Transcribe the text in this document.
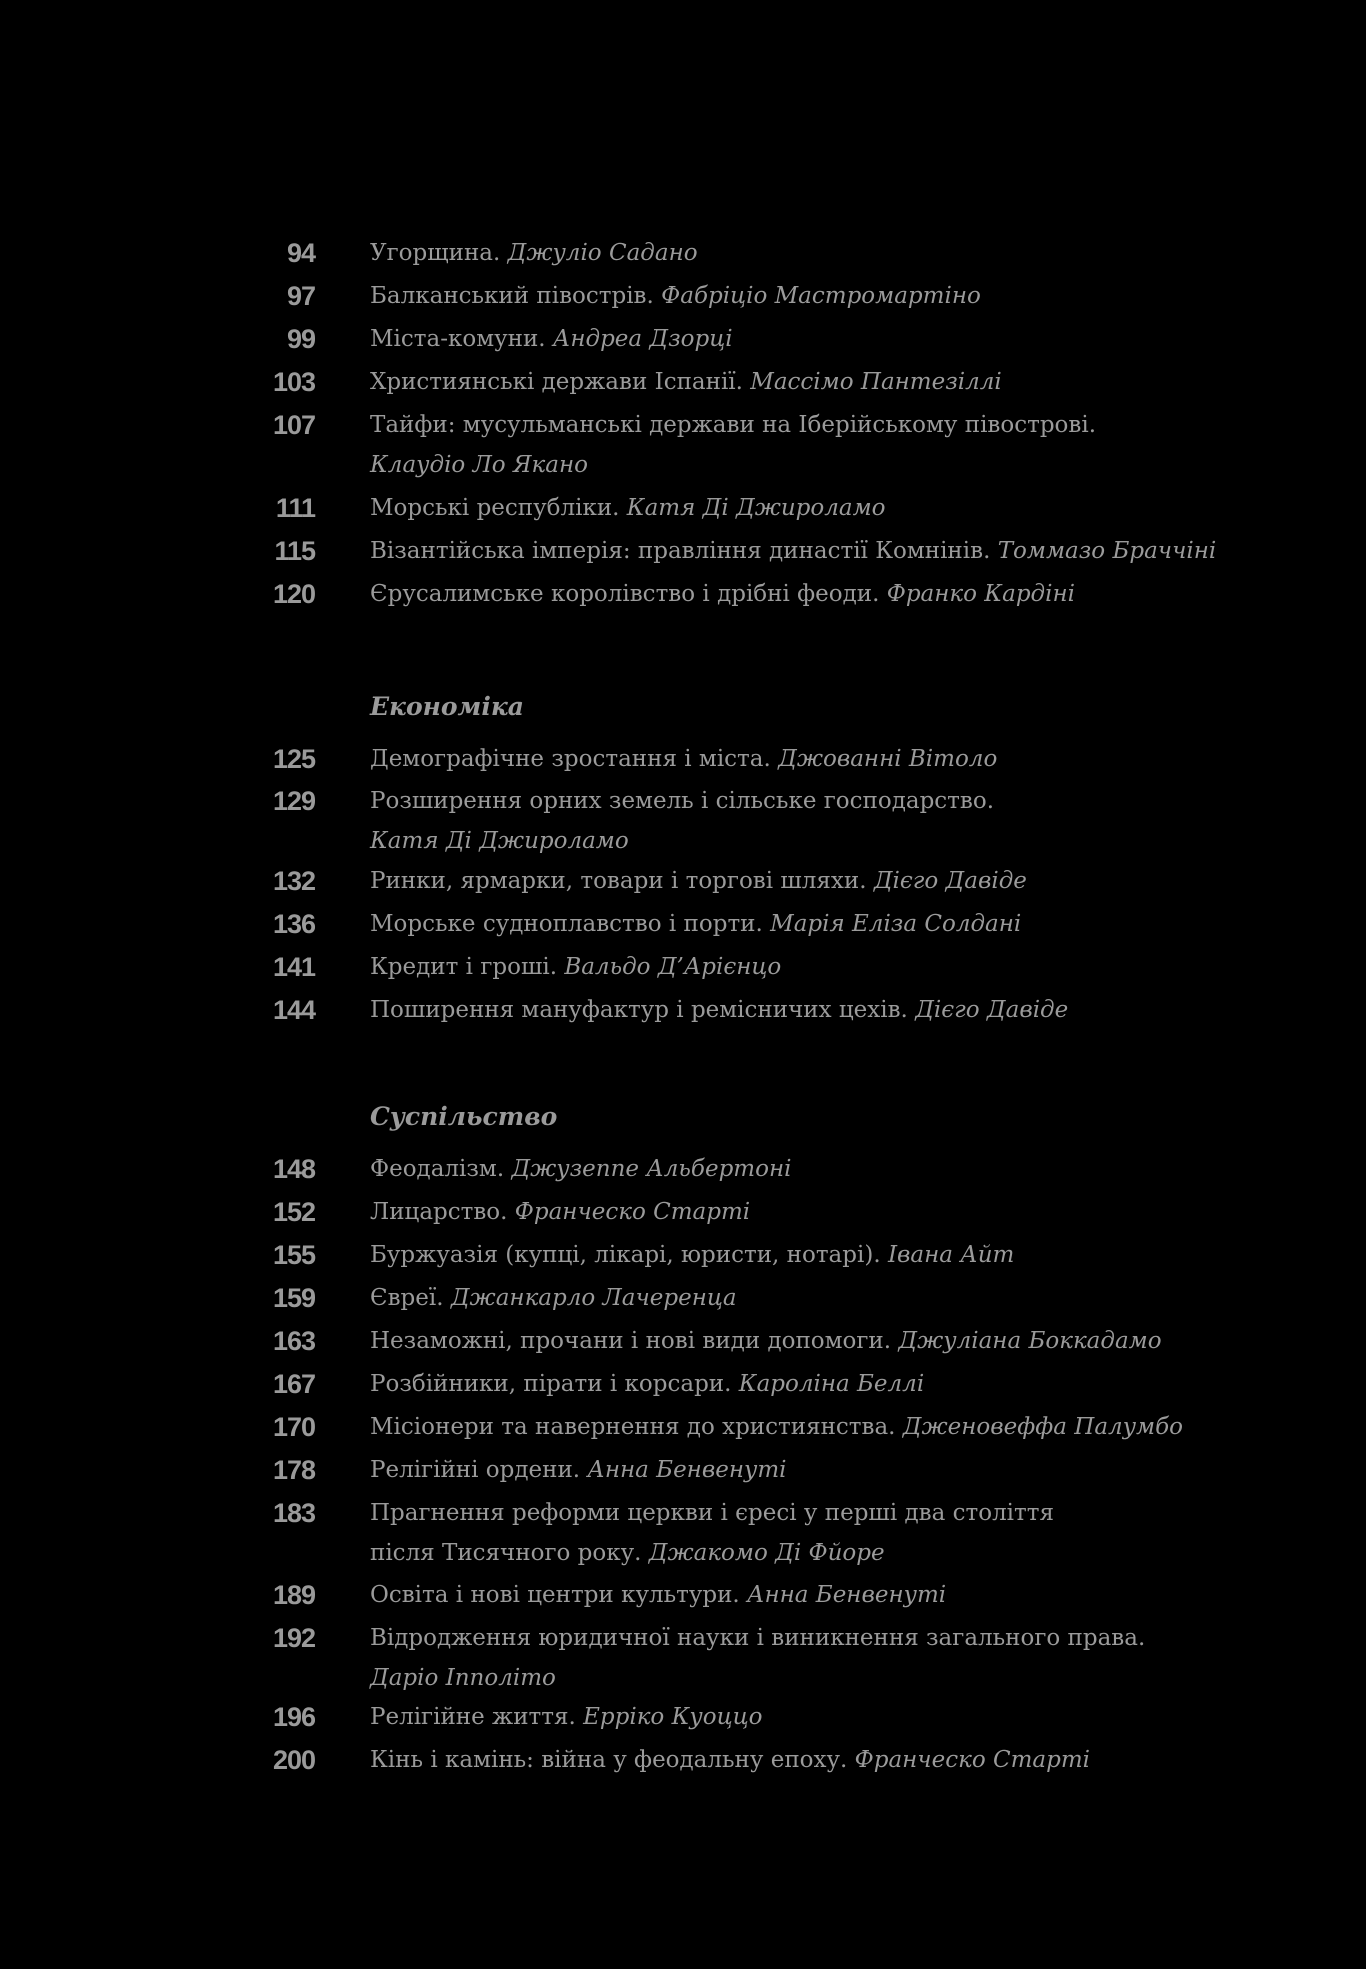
94 Угорщина. Джуліо Садано
97 Балканський півострів. Фабріціо Мастромартіно
99 Міста-комуни. Андреа Дзорці
103 Християнські держави Іспанії. Массімо Пантезіллі
107 Тайфи: мусульманські держави на Іберійському півострові.
Клаудіо Ло Якано
111 Морські республіки. Катя Ді Джироламо
115 Візантійська імперія: правління династії Комнінів. Томмазо Браччіні
120 Єрусалимське королівство і дрібні феоди. Франко Кардіні
Економіка
125 Демографічне зростання і міста. Джованні Вітоло
129 Розширення орних земель і сільське господарство.
Катя Ді Джироламо
132 Ринки, ярмарки, товари і торгові шляхи. Дієго Давіде
136 Морське судноплавство і порти. Марія Еліза Солдані
141 Кредит і гроші. Вальдо Д’Арієнцо
144 Поширення мануфактур і ремісничих цехів. Дієго Давіде
Суспільство
148 Феодалізм. Джузеппе Альбертоні
152 Лицарство. Франческо Старті
155 Буржуазія (купці, лікарі, юристи, нотарі). Івана Айт
159 Євреї. Джанкарло Лачеренца
163 Незаможні, прочани і нові види допомоги. Джуліана Боккадамо
167 Розбійники, пірати і корсари. Кароліна Беллі
170 Місіонери та навернення до християнства. Дженовеффа Палумбо
178 Релігійні ордени. Анна Бенвенуті
183 Прагнення реформи церкви і єресі у перші два століття
після Тисячного року. Джакомо Ді Фйоре
189 Освіта і нові центри культури. Анна Бенвенуті
192 Відродження юридичної науки і виникнення загального права.
Даріо Іпполіто
196 Релігійне життя. Ерріко Куоццо
200 Кінь і камінь: війна у феодальну епоху. Франческо Старті
